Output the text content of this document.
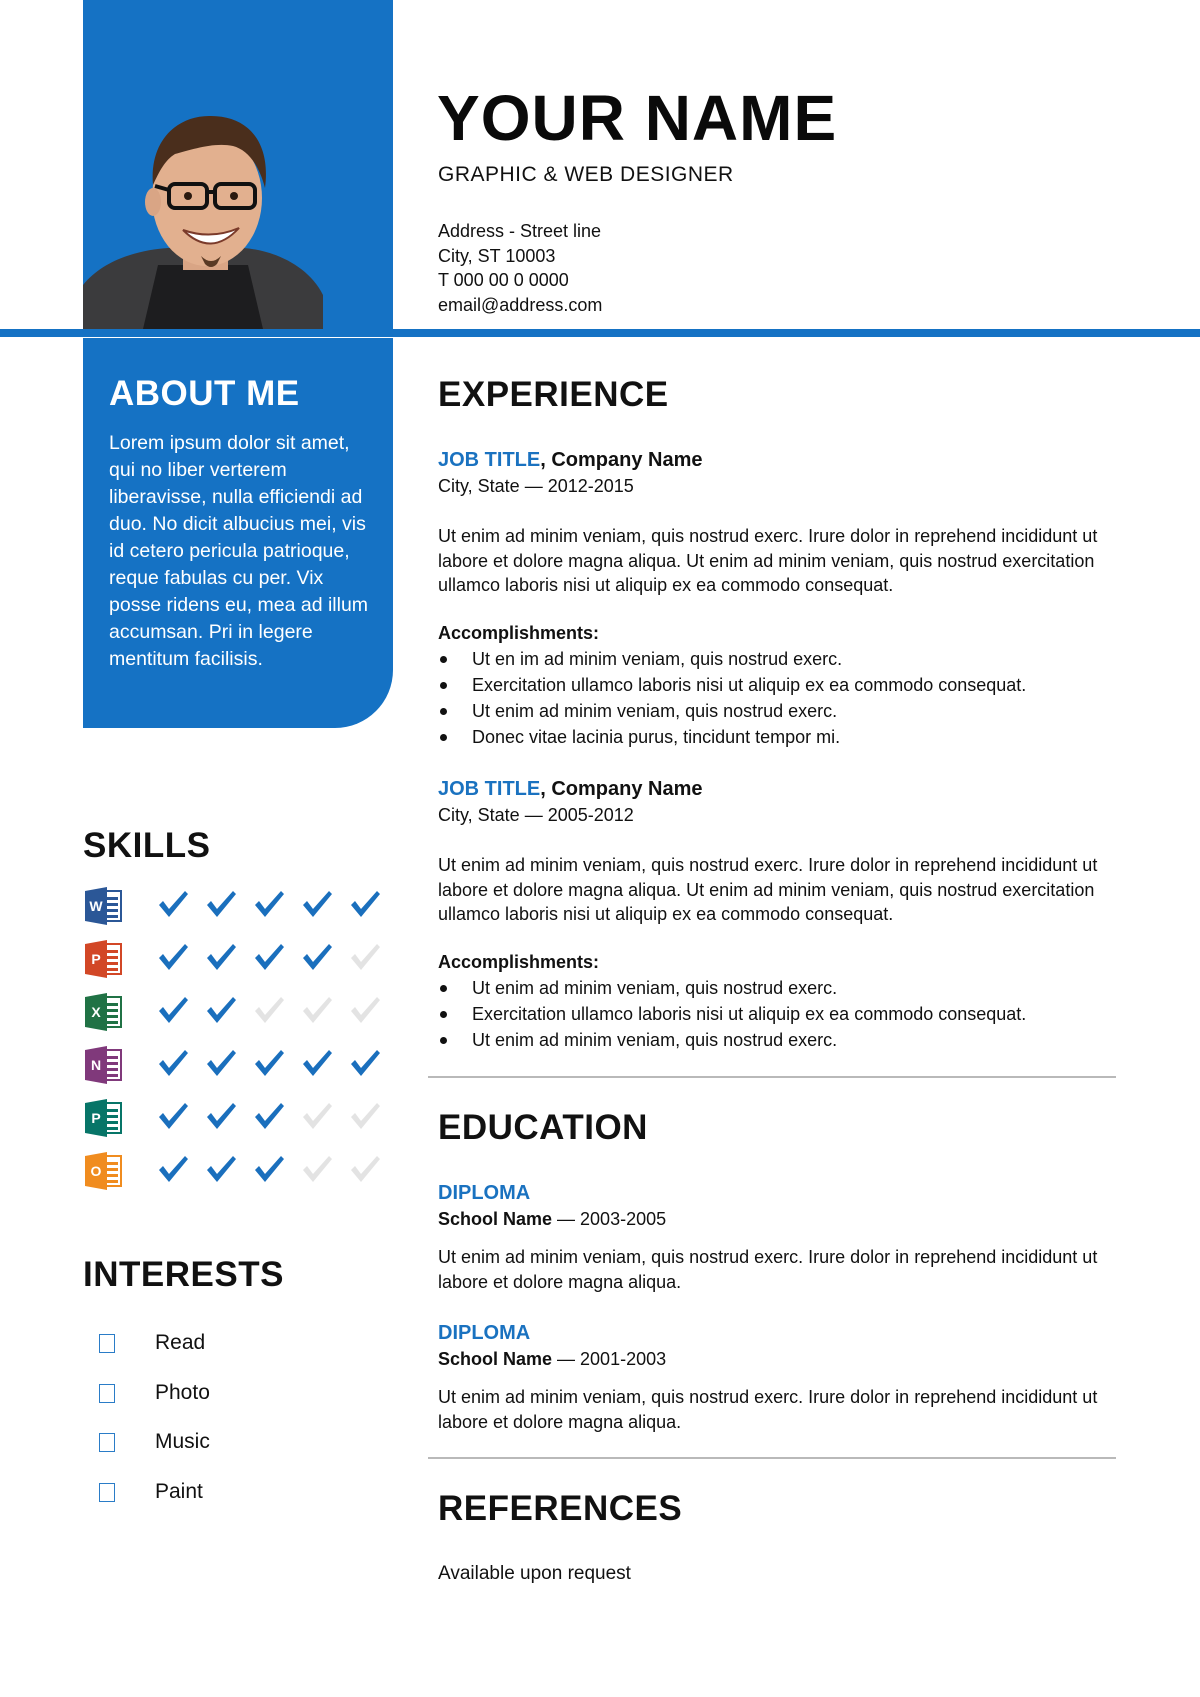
YOUR NAME
GRAPHIC & WEB DESIGNER
Address - Street line
City, ST 10003
T 000 00 0 0000
email@address.com
ABOUT ME
Lorem ipsum dolor sit amet, qui no liber verterem liberavisse, nulla efficiendi ad duo. No dicit albucius mei, vis id cetero pericula patrioque, reque fabulas cu per. Vix posse ridens eu, mea ad illum accumsan. Pri in legere mentitum facilisis.
SKILLS
W
P
X
N
P
O
INTERESTS
Read
Photo
Music
Paint
EXPERIENCE
JOB TITLE, Company Name
City, State — 2012-2015
Ut enim ad minim veniam, quis nostrud exerc. Irure dolor in reprehend incididunt ut labore et dolore magna aliqua. Ut enim ad minim veniam, quis nostrud exercitation ullamco laboris nisi ut aliquip ex ea commodo consequat.
Accomplishments:
Ut en im ad minim veniam, quis nostrud exerc.
Exercitation ullamco laboris nisi ut aliquip ex ea commodo consequat.
Ut enim ad minim veniam, quis nostrud exerc.
Donec vitae lacinia purus, tincidunt tempor mi.
JOB TITLE, Company Name
City, State — 2005-2012
Ut enim ad minim veniam, quis nostrud exerc. Irure dolor in reprehend incididunt ut labore et dolore magna aliqua. Ut enim ad minim veniam, quis nostrud exercitation ullamco laboris nisi ut aliquip ex ea commodo consequat.
Accomplishments:
Ut enim ad minim veniam, quis nostrud exerc.
Exercitation ullamco laboris nisi ut aliquip ex ea commodo consequat.
Ut enim ad minim veniam, quis nostrud exerc.
EDUCATION
DIPLOMA
School Name — 2003-2005
Ut enim ad minim veniam, quis nostrud exerc. Irure dolor in reprehend incididunt ut labore et dolore magna aliqua.
DIPLOMA
School Name — 2001-2003
Ut enim ad minim veniam, quis nostrud exerc. Irure dolor in reprehend incididunt ut labore et dolore magna aliqua.
REFERENCES
Available upon request
